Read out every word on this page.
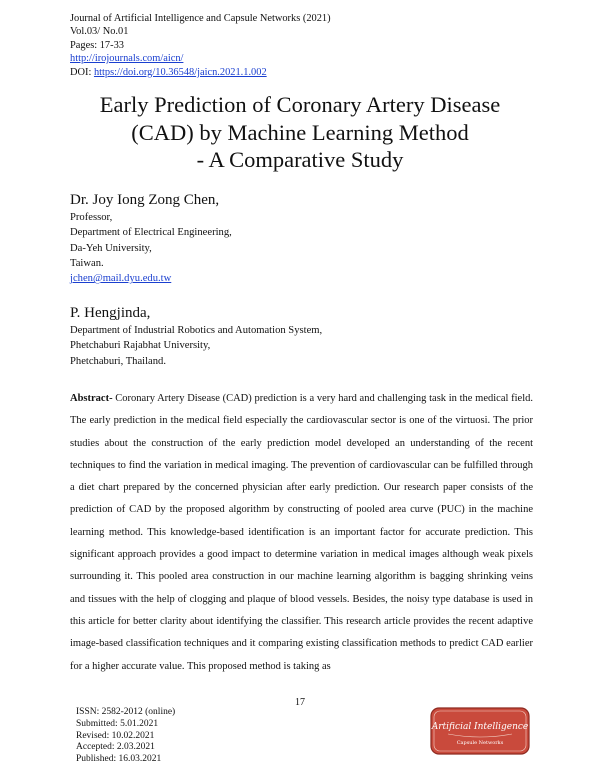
Journal of Artificial Intelligence and Capsule Networks (2021)
Vol.03/ No.01
Pages: 17-33
http://irojournals.com/aicn/
DOI: https://doi.org/10.36548/jaicn.2021.1.002
Early Prediction of Coronary Artery Disease
(CAD) by Machine Learning Method
- A Comparative Study
Dr. Joy Iong Zong Chen,
Professor,
Department of Electrical Engineering,
Da-Yeh University,
Taiwan.
jchen@mail.dyu.edu.tw
P. Hengjinda,
Department of Industrial Robotics and Automation System,
Phetchaburi Rajabhat University,
Phetchaburi, Thailand.
Abstract- Coronary Artery Disease (CAD) prediction is a very hard and challenging task in the medical field. The early prediction in the medical field especially the cardiovascular sector is one of the virtuosi. The prior studies about the construction of the early prediction model developed an understanding of the recent techniques to find the variation in medical imaging. The prevention of cardiovascular can be fulfilled through a diet chart prepared by the concerned physician after early prediction. Our research paper consists of the prediction of CAD by the proposed algorithm by constructing of pooled area curve (PUC) in the machine learning method. This knowledge-based identification is an important factor for accurate prediction. This significant approach provides a good impact to determine variation in medical images although weak pixels surrounding it. This pooled area construction in our machine learning algorithm is bagging shrinking veins and tissues with the help of clogging and plaque of blood vessels. Besides, the noisy type database is used in this article for better clarity about identifying the classifier. This research article provides the recent adaptive image-based classification techniques and it comparing existing classification methods to predict CAD earlier for a higher accurate value. This proposed method is taking as
17
ISSN: 2582-2012 (online)
Submitted: 5.01.2021
Revised: 10.02.2021
Accepted: 2.03.2021
Published: 16.03.2021
Artificial Intelligence
Capsule Networks
